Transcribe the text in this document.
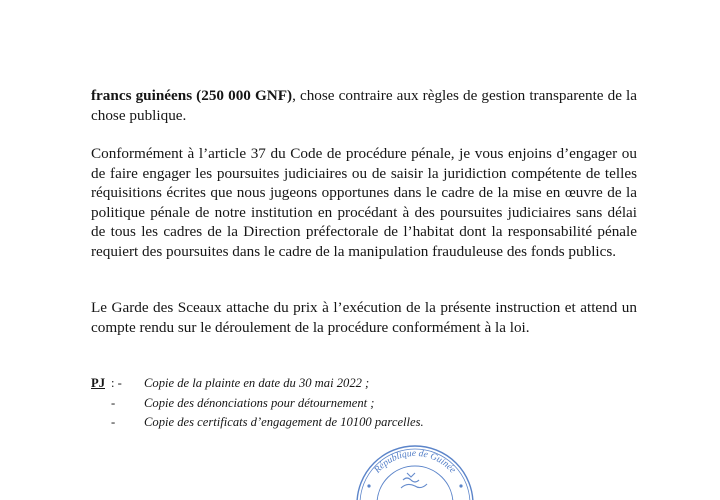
francs guinéens (250 000 GNF), chose contraire aux règles de gestion transparente de la chose publique.

Conformément à l’article 37 du Code de procédure pénale, je vous enjoins d’engager ou de faire engager les poursuites judiciaires ou de saisir la juridiction compétente de telles réquisitions écrites que nous jugeons opportunes dans le cadre de la mise en œuvre de la politique pénale de notre institution en procédant à des poursuites judiciaires sans délai de tous les cadres de la Direction préfectorale de l’habitat dont la responsabilité pénale requiert des poursuites dans le cadre de la manipulation frauduleuse des fonds publics.

Le Garde des Sceaux attache du prix à l’exécution de la présente instruction et attend un compte rendu sur le déroulement de la procédure conformément à la loi.

PJ : -	Copie de la plainte en date du 30 mai 2022 ;
-	Copie des dénonciations pour détournement ;
-	Copie des certificats d’engagement de 10100 parcelles.
République de Guinée
